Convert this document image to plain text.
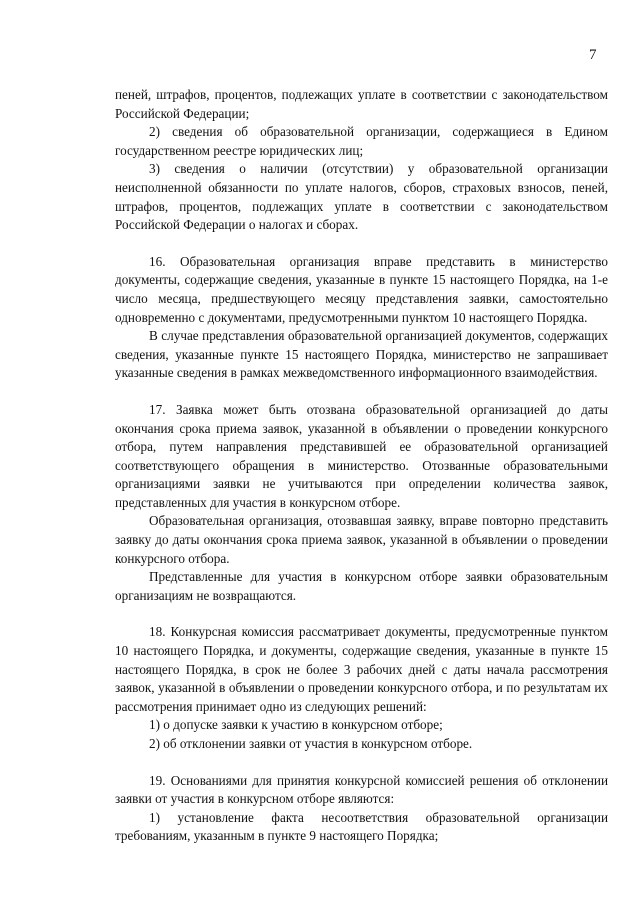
7

пеней, штрафов, процентов, подлежащих уплате в соответствии с законодательством Российской Федерации;

2) сведения об образовательной организации, содержащиеся в Едином государственном реестре юридических лиц;

3) сведения о наличии (отсутствии) у образовательной организации неисполненной обязанности по уплате налогов, сборов, страховых взносов, пеней, штрафов, процентов, подлежащих уплате в соответствии с законодательством Российской Федерации о налогах и сборах.

16. Образовательная организация вправе представить в министерство документы, содержащие сведения, указанные в пункте 15 настоящего Порядка, на 1-е число месяца, предшествующего месяцу представления заявки, самостоятельно одновременно с документами, предусмотренными пунктом 10 настоящего Порядка.

В случае представления образовательной организацией документов, содержащих сведения, указанные пункте 15 настоящего Порядка, министерство не запрашивает указанные сведения в рамках межведомственного информационного взаимодействия.

17. Заявка может быть отозвана образовательной организацией до даты окончания срока приема заявок, указанной в объявлении о проведении конкурсного отбора, путем направления представившей ее образовательной организацией соответствующего обращения в министерство. Отозванные образовательными организациями заявки не учитываются при определении количества заявок, представленных для участия в конкурсном отборе.

Образовательная организация, отозвавшая заявку, вправе повторно представить заявку до даты окончания срока приема заявок, указанной в объявлении о проведении конкурсного отбора.

Представленные для участия в конкурсном отборе заявки образовательным организациям не возвращаются.

18. Конкурсная комиссия рассматривает документы, предусмотренные пунктом 10 настоящего Порядка, и документы, содержащие сведения, указанные в пункте 15 настоящего Порядка, в срок не более 3 рабочих дней с даты начала рассмотрения заявок, указанной в объявлении о проведении конкурсного отбора, и по результатам их рассмотрения принимает одно из следующих решений:

1) о допуске заявки к участию в конкурсном отборе;

2) об отклонении заявки от участия в конкурсном отборе.

19. Основаниями для принятия конкурсной комиссией решения об отклонении заявки от участия в конкурсном отборе являются:

1) установление факта несоответствия образовательной организации требованиям, указанным в пункте 9 настоящего Порядка;
